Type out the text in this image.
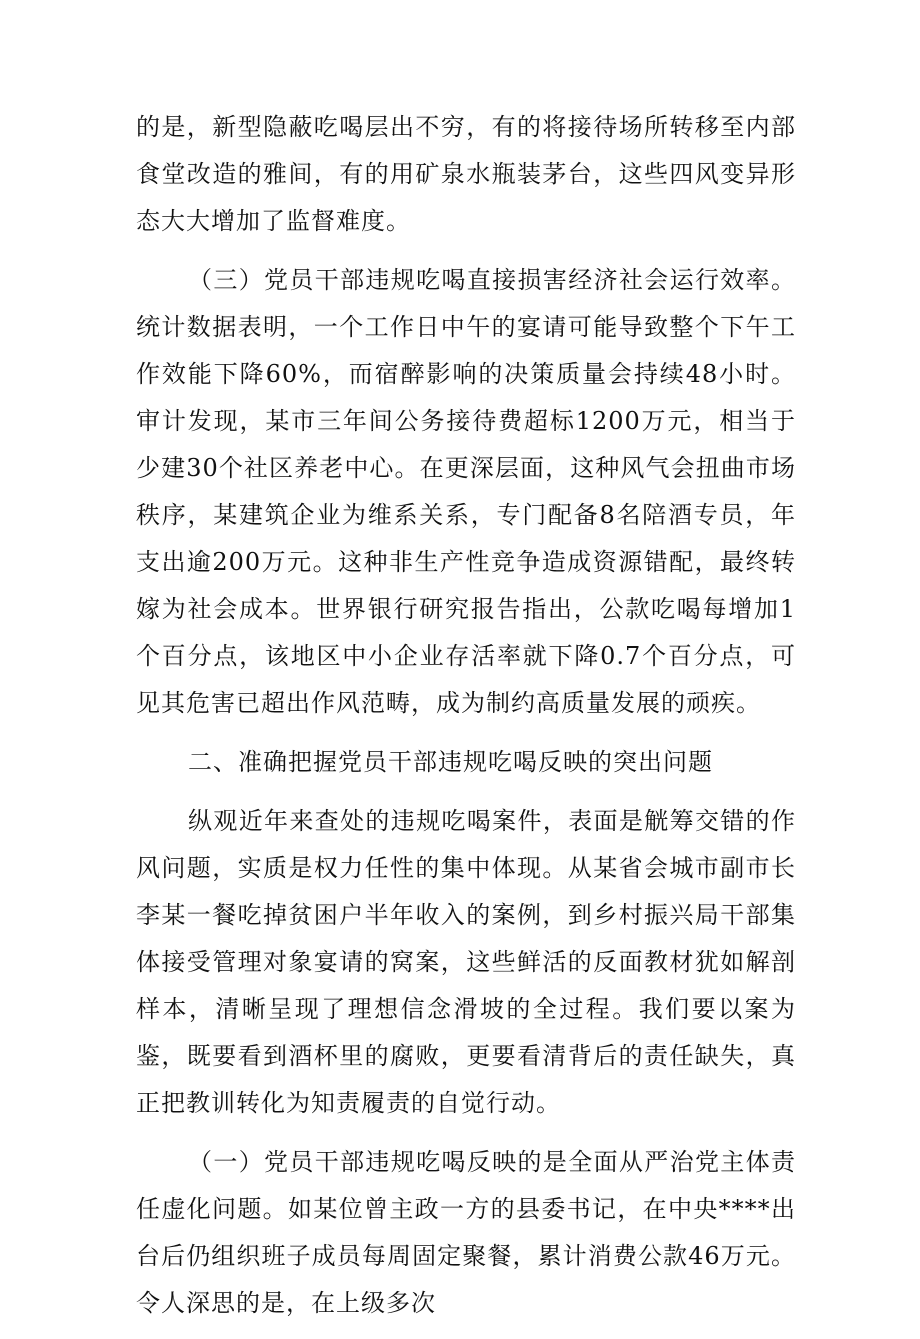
的是，新型隐蔽吃喝层出不穷，有的将接待场所转移至内部食堂改造的雅间，有的用矿泉水瓶装茅台，这些四风变异形态大大增加了监督难度。

（三）党员干部违规吃喝直接损害经济社会运行效率。统计数据表明，一个工作日中午的宴请可能导致整个下午工作效能下降60%，而宿醉影响的决策质量会持续48小时。审计发现，某市三年间公务接待费超标1200万元，相当于少建30个社区养老中心。在更深层面，这种风气会扭曲市场秩序，某建筑企业为维系关系，专门配备8名陪酒专员，年支出逾200万元。这种非生产性竞争造成资源错配，最终转嫁为社会成本。世界银行研究报告指出，公款吃喝每增加1个百分点，该地区中小企业存活率就下降0.7个百分点，可见其危害已超出作风范畴，成为制约高质量发展的顽疾。

二、准确把握党员干部违规吃喝反映的突出问题

纵观近年来查处的违规吃喝案件，表面是觥筹交错的作风问题，实质是权力任性的集中体现。从某省会城市副市长李某一餐吃掉贫困户半年收入的案例，到乡村振兴局干部集体接受管理对象宴请的窝案，这些鲜活的反面教材犹如解剖样本，清晰呈现了理想信念滑坡的全过程。我们要以案为鉴，既要看到酒杯里的腐败，更要看清背后的责任缺失，真正把教训转化为知责履责的自觉行动。

（一）党员干部违规吃喝反映的是全面从严治党主体责任虚化问题。如某位曾主政一方的县委书记，在中央****出台后仍组织班子成员每周固定聚餐，累计消费公款46万元。令人深思的是，在上级多次
